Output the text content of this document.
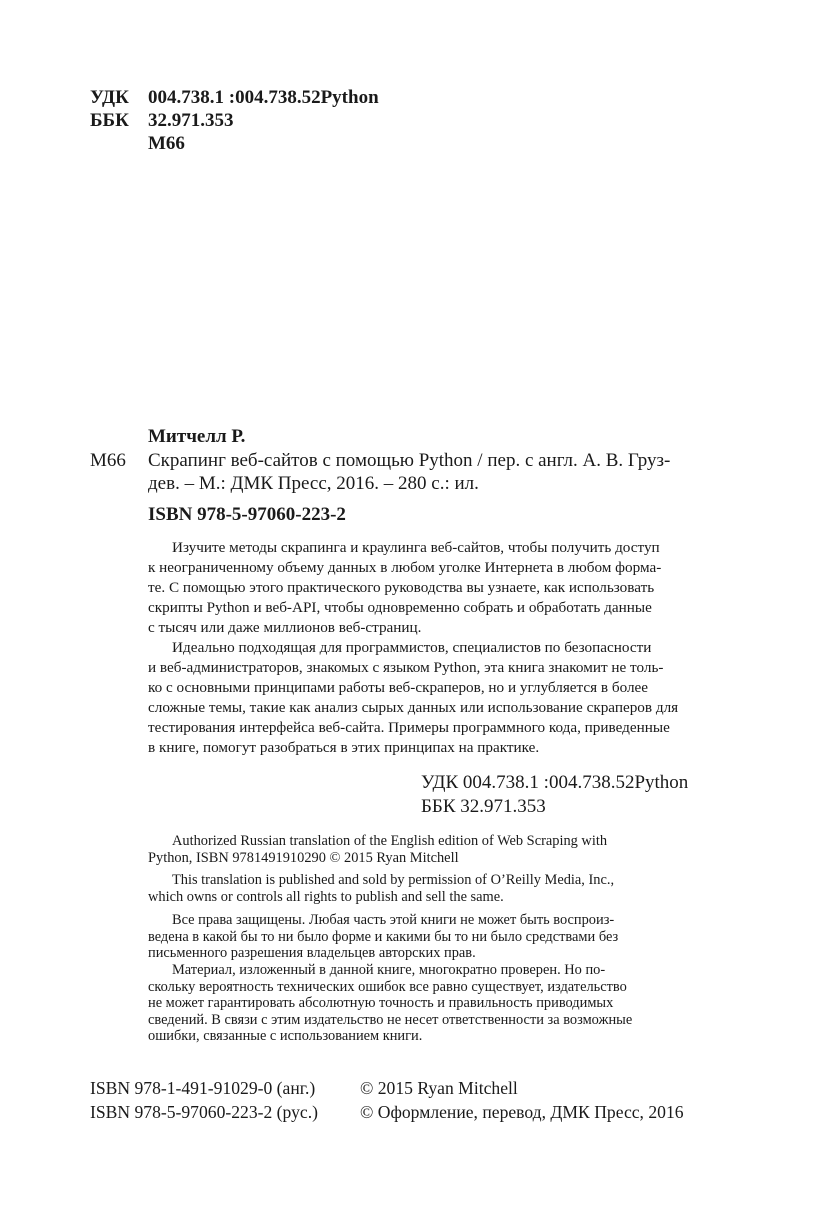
УДК	004.738.1 :004.738.52Python
ББК	32.971.353
М66
Митчелл Р.
М66 Скрапинг веб-сайтов с помощью Python / пер. с англ. А. В. Груз-
дев. – М.: ДМК Пресс, 2016. – 280 с.: ил.
ISBN 978-5-97060-223-2
Изучите методы скрапинга и краулинга веб-сайтов, чтобы получить доступ
к неограниченному объему данных в любом уголке Интернета в любом форма-
те. С помощью этого практического руководства вы узнаете, как использовать
скрипты Python и веб-API, чтобы одновременно собрать и обработать данные
с тысяч или даже миллионов веб-страниц.
Идеально подходящая для программистов, специалистов по безопасности
и веб-администраторов, знакомых с языком Python, эта книга знакомит не толь-
ко с основными принципами работы веб-скраперов, но и углубляется в более
сложные темы, такие как анализ сырых данных или использование скраперов для
тестирования интерфейса веб-сайта. Примеры программного кода, приведенные
в книге, помогут разобраться в этих принципах на практике.
УДК 004.738.1 :004.738.52Python
ББК 32.971.353
Authorized Russian translation of the English edition of Web Scraping with
Python, ISBN 9781491910290 © 2015 Ryan Mitchell
This translation is published and sold by permission of O’Reilly Media, Inc.,
which owns or controls all rights to publish and sell the same.
Все права защищены. Любая часть этой книги не может быть воспроиз-
ведена в какой бы то ни было форме и какими бы то ни было средствами без
письменного разрешения владельцев авторских прав.
Материал, изложенный в данной книге, многократно проверен. Но по-
скольку вероятность технических ошибок все равно существует, издательство
не может гарантировать абсолютную точность и правильность приводимых
сведений. В связи с этим издательство не несет ответственности за возможные
ошибки, связанные с использованием книги.
ISBN 978-1-491-91029-0 (анг.)	© 2015 Ryan Mitchell
ISBN 978-5-97060-223-2 (рус.) © Оформление, перевод, ДМК Пресс, 2016
